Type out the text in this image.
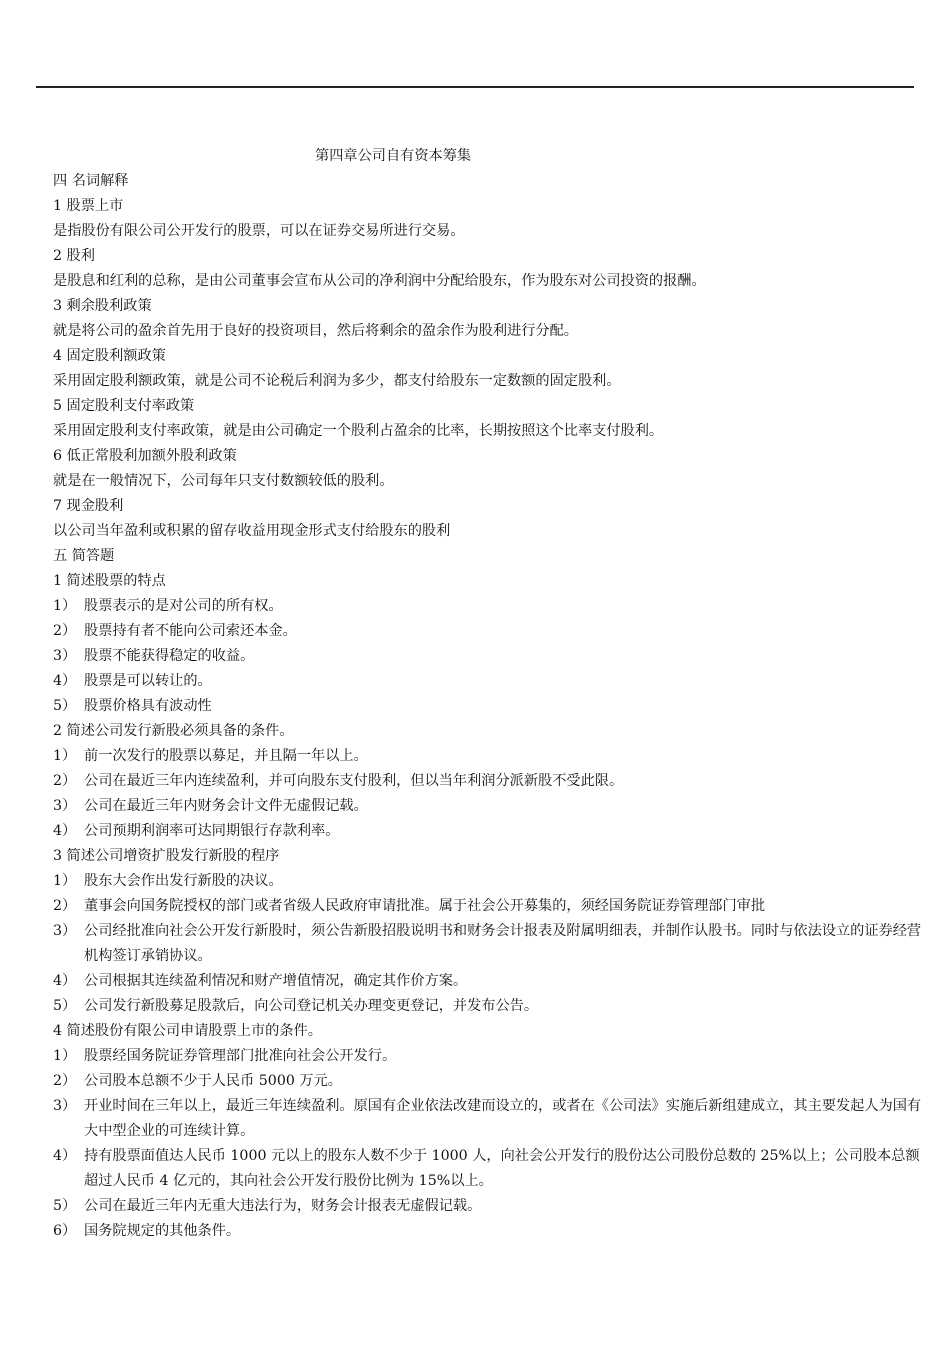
第四章公司自有资本筹集
四 名词解释
1 股票上市
是指股份有限公司公开发行的股票，可以在证券交易所进行交易。
2 股利
是股息和红利的总称，是由公司董事会宣布从公司的净利润中分配给股东，作为股东对公司投资的报酬。
3 剩余股利政策
就是将公司的盈余首先用于良好的投资项目，然后将剩余的盈余作为股利进行分配。
4 固定股利额政策
采用固定股利额政策，就是公司不论税后利润为多少，都支付给股东一定数额的固定股利。
5 固定股利支付率政策
采用固定股利支付率政策，就是由公司确定一个股利占盈余的比率，长期按照这个比率支付股利。
6 低正常股利加额外股利政策
就是在一般情况下，公司每年只支付数额较低的股利。
7 现金股利
以公司当年盈利或积累的留存收益用现金形式支付给股东的股利
五 简答题
1 简述股票的特点
1） 股票表示的是对公司的所有权。
2） 股票持有者不能向公司索还本金。
3） 股票不能获得稳定的收益。
4） 股票是可以转让的。
5） 股票价格具有波动性
2 简述公司发行新股必须具备的条件。
1） 前一次发行的股票以募足，并且隔一年以上。
2） 公司在最近三年内连续盈利，并可向股东支付股利，但以当年利润分派新股不受此限。
3） 公司在最近三年内财务会计文件无虚假记载。
4） 公司预期利润率可达同期银行存款利率。
3 简述公司增资扩股发行新股的程序
1） 股东大会作出发行新股的决议。
2） 董事会向国务院授权的部门或者省级人民政府审请批准。属于社会公开募集的，须经国务院证券管理部门审批
3） 公司经批准向社会公开发行新股时，须公告新股招股说明书和财务会计报表及附属明细表，并制作认股书。同时与依法设立的证券经营机构签订承销协议。
4） 公司根据其连续盈利情况和财产增值情况，确定其作价方案。
5） 公司发行新股募足股款后，向公司登记机关办理变更登记，并发布公告。
4 简述股份有限公司申请股票上市的条件。
1） 股票经国务院证券管理部门批准向社会公开发行。
2） 公司股本总额不少于人民币 5000 万元。
3） 开业时间在三年以上，最近三年连续盈利。原国有企业依法改建而设立的，或者在《公司法》实施后新组建成立，其主要发起人为国有大中型企业的可连续计算。
4） 持有股票面值达人民币 1000 元以上的股东人数不少于 1000 人，向社会公开发行的股份达公司股份总数的 25%以上；公司股本总额超过人民币 4 亿元的，其向社会公开发行股份比例为 15%以上。
5） 公司在最近三年内无重大违法行为，财务会计报表无虚假记载。
6） 国务院规定的其他条件。
